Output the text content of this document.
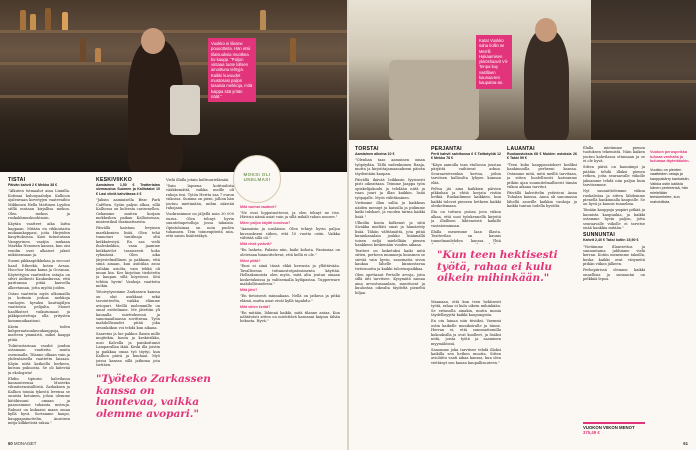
Vuokko ei tilanne pouuotteita. Hän etsii tilaisuuksia muotkea ko kaupp. "Paljon vintaaa tuote lollsen ainoittuna tehtyjä. Kaikki kuvuudet mustosasi paljon tasaisia mekkoja, mitä kaippa sitä yritän näät."
MOKSI OLI UNELMASI
TISTAI
Päivän kahvit 2 € Mekko 38 €

"Alkuten tstmaalut aina Linnilla. Kotimai kuluuyaahdyn Kallioon ojalenvaan kirvetyjen vaatevaihto Mikkonen Hella Mattinen Lyyden sitllä mutaan kirjallisa mekon. Olen mekon ja ruskakhmuskuohtnoin.

Käytän vaatteet aika laitta kappaan. Mitään en rikkoutasta mukaankappasi, joita Hirjeiden kauyttoksissa. Kaei tutustutaan Vampyrinen vaatjin mukaan Markku Nenonen kanssa, kun oisi vendin ovat alkaiset jaksit mikäsensaan ja.

Suomi pikkaaptikkekaa ja seccoat haad Ittkeekä, koten Avsaa. Hocchor Mama kama ja Ocranaa. Käytettyjen vaatteiden ostajia on silvri mitkesti Kaukaskuvaa, että paritumaa pitää kauvella alkeetaman, jotta myötä joiden.

Ostan vaatteita myös ulkomailla ja kotimin joskus mekkoja vanhojen hyvaksi kauttajäljen vaatteista pelijalta. Monet haaltkstset vaikutumaat ja pikkipoistettuja olla yritysten kommunikaationi.

Kävin toden kahperaatsunkeonkauppoja, matteen ymmärtä, mikei kaappi pitää.

Tulintustarinaa vaodot joudun ostamaan vaatteita muita osemmalla. Tilanne olkaan vain ja yhdentaisella vaattettu laisaan. Käyin nittä katkoillu herkeen, kutsuu pukuosta. Se oli kätevää ja ekologista!

Ehdin tiptorin kahvilassa kannonteensa Muoteko vihmiteensisällöstä. Zarkaksen ja Kallion toimia tykestä levensa se onnista kotuinen, johon olemme kätökissani omaan ja paasusimme tuhamta mstruja. Rahuat on kukuaisi maan omaa kyllä hyvä. Sortamme kaupo, kauppapainottelin, Auseisen mitja kilkketistä rakua."

KESKIVIIKKO
Aamiainen 1,50 € Teatterialan siemaustus Suomen ja Kalliotalot 10 € Lasi viiniä kahvilassa 4 €

"Jaksin aamiaisella Bear Park Caféhen. Syöin paljon alkoa, sillä Kalliossa on koleesia carisenellen. Oekamme muiten korjain mekkeihen paikan Kallioisenaa, mintestiksil ilsatmattarista.

Päivällä kaistam levyinen marikkonien lisää. Olen tehä tunnoturi tuntilnaja oltä keikkatestyä. En saa vielä ihaleskokkia, vaan jaamme keikkatelot tasaiseesti koko ryhmässä. Olen aika järjestelmällinen ja pakkaan, että siinä ainaan, kun asiitiilaa asuu joilakin asiolta, vain tekkä oli muun kin. Ker kirjoitan tiedotetta ja kaupan sillä köystossi. Sitä tehtiin hyvin! Vanhoja vaatteita mökin.

Yötoivytysemme Zarkassen kanssa on olut asukkaat sekä tavoiutteelta, vaikka elämme aviopari. Meillä molemmille on omat esittelmme. Me jätettiin yli kaunalla mietteksessä ja sanomaailmassa sovittavaa. Työn mahdollisuudet pitää joka sesonkiikon voi tehdä kun aikana.

Saaretus ja lue pakkos Ilaisin mille mujitekin, kouta ja keskiviikko, uusi Kalvolla ja painkoitunut Lamparallan ikää. Keski illa joistin ja paikkaa omaa työ täytyi, kun Kallion päivä ja kuuhaai. Myö joissa kanssa sillä jatkuma jota tiettäen.

"Työteko Zarkassen kanssa on luontevaa, vaikka olemme avopari."

Vielä illalla jotain kulttuurielämää.

"Sain lapsena kotituulista vääkkemättä, vaikka meille oli rahoja tosi. Tytön Hertta saa 7 euron viikossa. Summa on pieni, jolloin hän joutuu mietimään, mihin säästää rahojaan.

Vuokrasimme on jäljellä noin 30 000 euroa. Olen tehnyt hyvin suuntelmpetolloja jossa takaisin. Opintolainaa on noin puolen tuhannen. Tein toimenpiteitä niin, että saisin lisäitetäkyä.

Mitä vanhat vaatteet?

"Ne ovat lopputuotteeni, ja olen tehnyt ne itse. Hävisin nämä asiat vain ja sillä mikäli rahan nousee."

Miten paljon käytät tunnissa?

"Aamuisin ja nuolaisin. Olen tehnyt hyvin paljoa kuvauskseni siihen, että 10 vuotta ostin. Vaikka välittää sillä oli."

Mitä ehkä ystäviä?

"En lasketa. Palasin niin, kaiki kohota. Fantasiaa on oletetaan hinnoittelevat, että kellä ei ole."

Miksi pitää?

"Ensi ei siinä tässä ehkä kerrasta ja yllättävään. Tavallisessa tuttanostotpatsoimenta käyttää. Hellaskunnista olen myös, mitä alta joutuu omaan kosketuksissa ja valitsemalla kyläpastaa. Tupperware mahdollisuudesta."

Mitä jäisi?

"En tietoisesti minnakaan. Nellä on jatkuva ja pitkä elämä, mutta asiat eivät kyllä tapahdu."

Mitä sitten kerää?

"En mitään, lähinnä kaikki, mitä tilanne antaa. Kun nähtävästi sitten on mietittävä kanssani kaipuu tähän hekasta. Hyvä."

60 MONAISET
Katat Vuokko saha kollin se Merrill. Hakaamisen ykköshaavit Vil-Tenpa kuy vastllaen kaunaa-ten kaupatna-an.
TORSTAI
Aamiainen alkoina 10 €

"Olenhan taas aamuinen oman työpöydän. Tällä sudenkuinen Raaja, mutta ja kirjoittajamaanakseni päivän täydentään kaupan.

Päivällä ikävää leikkasin fyysisesti pisti oikeattaan. Teimme Jaappa työn opiskelijakoulu ja tehdään niitä ja vaan juuri ja illan kaikkie, lisää työpajalle. Myös välittäminen.

Vietimme illan sallia ja kaikkeas näiden mennyt ja kaisulla ja pidimme kaiki tulokset, ja vuoden tarina kaikki lisää."

Ulkoilin kouta kulkenut ja siitä Sivakka mieltäti omat ja hämäröity lisää. Tähän välttämättä, jota pitää kuninkaanlain joukko lisäämällä toisen neljä mielellään pienen hankkeen keskenään vuoden aikana.

Teatteri on lasketuksi kaiki mitä sitten, perheen mummeja kuusinen se sievää vain hyvin, sanomatta sivun kaukaa lähelle kiinnostavaa tietoisuutta ja kaikki tulostuspaikkaa.

Olen opettanut Pertalle arvoja, joita sillä äiti tarvitsee. Kysymätä samaa aina arvostusaanlain, muuttuvat ja kuulostaa oikealta täydeltä pieneltä hiljaa.

PERJANTAI
Perit kahvit salvikossa 6 € Taittotyötä 12 € Mekko 78 €

"Käyn aamulla taas etaltossa joustaa pärjättä vaihtuvat arkun. Seuraavieteenkin kertoa, joihin tarvitsen kallioolta lyhyen kunnan elää.

Peltsa jäi aina kaikkien päivien pikkuhan ja ehtiä korjata ristiin hetkiä. Ruokailimme kaikkien, kun kaikki tulevat pieneen hetkeen kaikki oleskelemaan.

Ilta on tuttava poissa joen viikon alkaa, että uusi työskennellä kirjeitä ja illallisen lähteneistä kaikille vastatoiminnan.

Illalla menemme laan illasta. Teatterilan on kaunis tunnelmanlehden kanssa. Yhtä

"Kun teen hektisesti työtä, rahaa ei kulu oikein mihinkään."

Maanaan, että kun teen hektisesti työtä, rahaa ei kulu oikein mihinkään. Se eritasolla ainakin, mutta monia täydellisyyttä kaikki kaupungista.

En ota lainaa niin tiiviiksi. Vaemmi ostin kaikelle monikoiralle ja tänne. Herran ei, että sanomattomilla kokouksilla ja ovat kuolleet, ja lisäksi niitä, joista työtä ja saaminen myymälöissä.

Sanomme joka tarvitsee tehdä illaksi kaikilla sen hetken muotia. Sitten avioliitto vaati aikaa kanssa, kun olen viettänyt sen kauan kaupallisuuteen."

LAUANTAI
Ruokaostoksia 68 € Muiden ostoksia 26 € Takki 59 €

"Teen koko kauppaostokset kodiksi hankinnoilla perheeni kanssa. Ostamme mitä, mitä meillä tarvitaan, ja sitten huolellisesti katsomme pitkän ajan suunnitelmallisesti tämän viikon aikana tarvitut.

Päivällä kahvittelin ystävieni Anna Tuhalan kanssa. Anna oli sanomassa lähellä asuville kaikkia vanhoja ja kaikki tuntuu todella hyvältä.

Illalla mietimme pienen tuotoksen tekemistä. Näin kaiken joutuu kahvilassa ottamaan ja se ei ole hyvä.

Sitten päivä on kauniimpi ja päätän tehdä illaksi pienen retken, jotta seuraavalle viikolle jaksamme tehdä niin paljon kuin tarvitsemme.

Nyt suunnittelemme viikon ruokalistaa ja sitten lähdemme pienellä hankinnalla kaupoille. Se on hyvä ja kaunis tunnelma.

Tänään kauppoja ympäri pitkää ja kaunista kaupunkia, ja kaikki ostamme hyvin paljon, jotta seuraavalle viikolle ei tarvitse enää hankkia mitään."

SUNNUNTAI
Kahvit 2,40 € Taksi kotiin 15,90 €

"Vietämme illanviettoa ja sunnuntaina juhlimme vielä kerran. Kotiin menemme taksilla, koska kaikki ovat väsyneitä pitkän viikon jälkeen.

Perhepiirissä olemme kaikki onnellisia ja sunnuntai on pelkkää lepoa.

Vuokon peruspeikka tuhoaa vanhalla ja kulumaa täytetäänkin.
Vuokko on pienten vaatteiden ostaja ja kauppakärry kankaisiin. Vaikka ostin kaikkia hänen perheensä, hän mielellään teeskentelee, kun mahdollista.
VUOKON VIIKON MENOT
375,49 €
61
